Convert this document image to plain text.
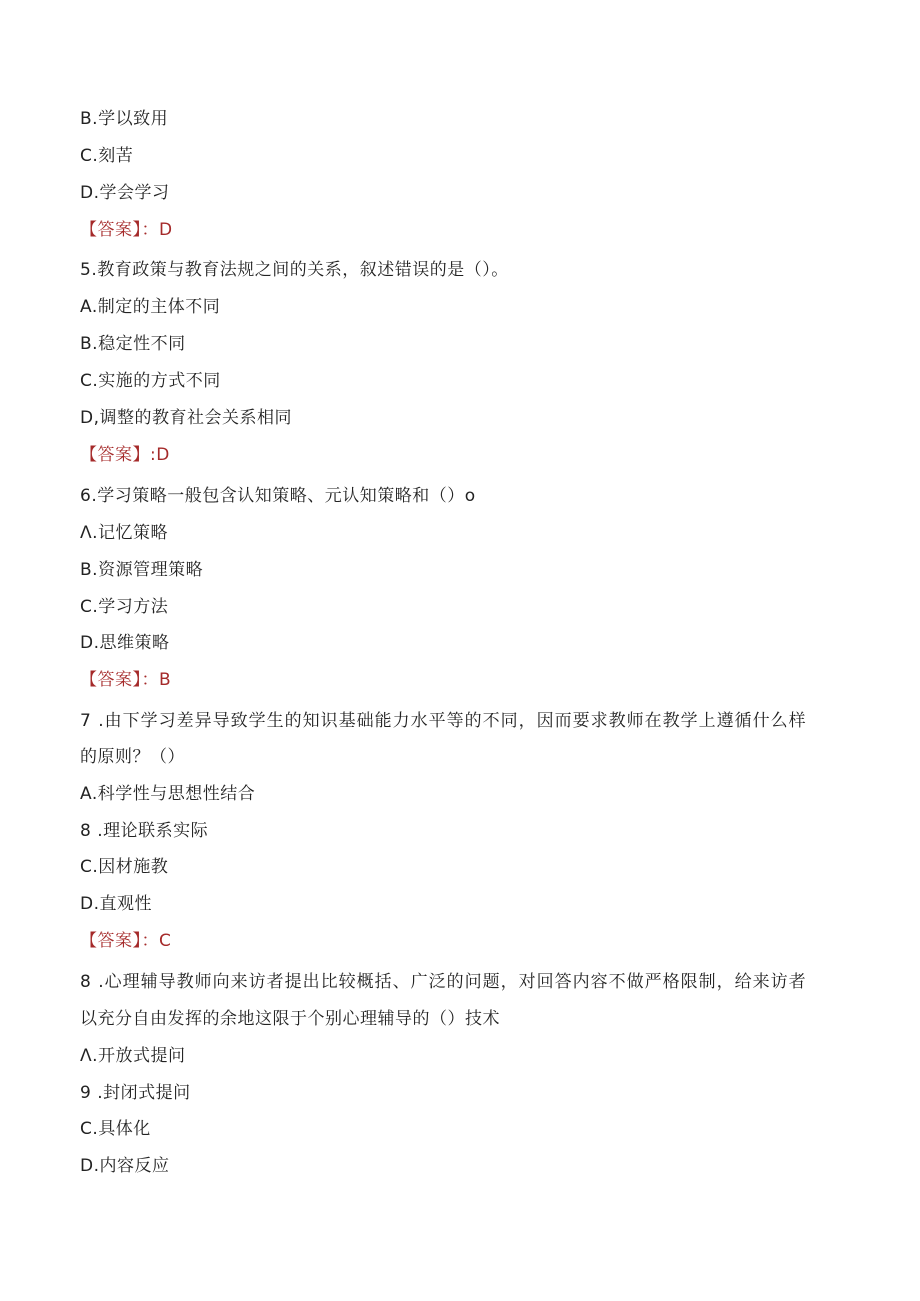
B.学以致用
C.刻苦
D.学会学习
【答案】：D
5.教育政策与教育法规之间的关系，叙述错误的是（）。
A.制定的主体不同
B.稳定性不同
C.实施的方式不同
D,调整的教育社会关系相同
【答案】:D
6.学习策略一般包含认知策略、元认知策略和（）o
Λ.记忆策略
B.资源管理策略
C.学习方法
D.思维策略
【答案】：B
7 .由下学习差异导致学生的知识基础能力水平等的不同，因而要求教师在教学上遵循什么样
的原则？（）
A.科学性与思想性结合
8 .理论联系实际
C.因材施教
D.直观性
【答案】：C
8 .心理辅导教师向来访者提出比较概括、广泛的问题，对回答内容不做严格限制，给来访者
以充分自由发挥的余地这限于个别心理辅导的（）技术
Λ.开放式提问
9 .封闭式提问
C.具体化
D.内容反应
